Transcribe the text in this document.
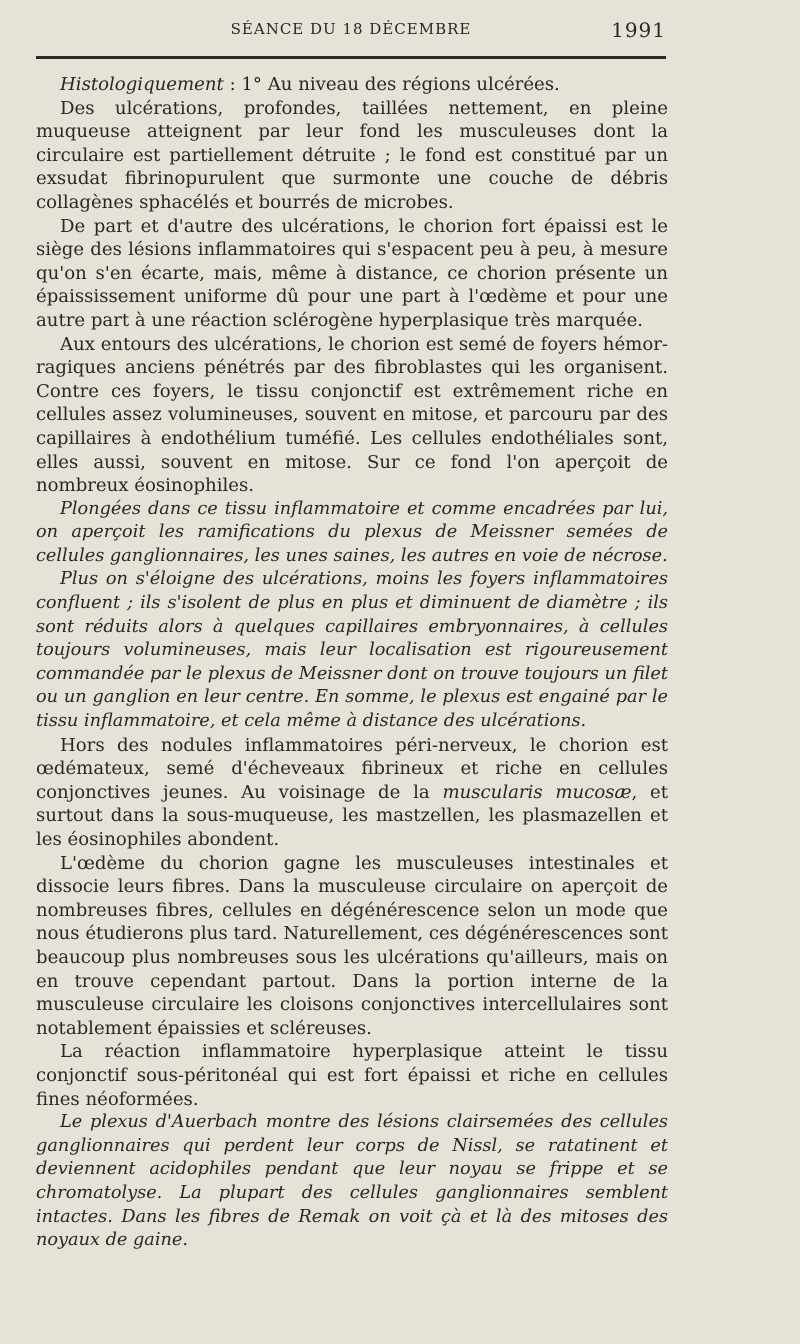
SÉANCE DU 18 DÉCEMBRE	1991

Histologiquement : 1° Au niveau des régions ulcérées.

Des ulcérations, profondes, taillées nettement, en pleine muqueuse atteignent par leur fond les musculeuses dont la circulaire est partiellement détruite ; le fond est constitué par un exsudat fibrinopurulent que surmonte une couche de débris collagènes sphacélés et bourrés de microbes.

De part et d'autre des ulcérations, le chorion fort épaissi est le siège des lésions inflammatoires qui s'espacent peu à peu, à mesure qu'on s'en écarte, mais, même à distance, ce chorion présente un épaississement uniforme dû pour une part à l'œdème et pour une autre part à une réaction sclérogène hyperplasique très marquée.

Aux entours des ulcérations, le chorion est semé de foyers hémorragiques anciens pénétrés par des fibroblastes qui les organisent. Contre ces foyers, le tissu conjonctif est extrêmement riche en cellules assez volumineuses, souvent en mitose, et parcouru par des capillaires à endothélium tuméfié. Les cellules endothéliales sont, elles aussi, souvent en mitose. Sur ce fond l'on aperçoit de nombreux éosinophiles.

Plongées dans ce tissu inflammatoire et comme encadrées par lui, on aperçoit les ramifications du plexus de Meissner semées de cellules ganglionnaires, les unes saines, les autres en voie de nécrose.

Plus on s'éloigne des ulcérations, moins les foyers inflammatoires confluent ; ils s'isolent de plus en plus et diminuent de diamètre ; ils sont réduits alors à quelques capillaires embryonnaires, à cellules toujours volumineuses, mais leur localisation est rigoureusement commandée par le plexus de Meissner dont on trouve toujours un filet ou un ganglion en leur centre. En somme, le plexus est engainé par le tissu inflammatoire, et cela même à distance des ulcérations.

Hors des nodules inflammatoires péri-nerveux, le chorion est œdémateux, semé d'écheveaux fibrineux et riche en cellules conjonctives jeunes. Au voisinage de la muscularis mucosæ, et surtout dans la sous-muqueuse, les mastzellen, les plasmazellen et les éosinophiles abondent.

L'œdème du chorion gagne les musculeuses intestinales et dissocie leurs fibres. Dans la musculeuse circulaire on aperçoit de nombreuses fibres, cellules en dégénérescence selon un mode que nous étudierons plus tard. Naturellement, ces dégénérescences sont beaucoup plus nombreuses sous les ulcérations qu'ailleurs, mais on en trouve cependant partout. Dans la portion interne de la musculeuse circulaire les cloisons conjonctives intercellulaires sont notablement épaissies et scléreuses.

La réaction inflammatoire hyperplasique atteint le tissu conjonctif sous-péritonéal qui est fort épaissi et riche en cellules fines néoformées.

Le plexus d'Auerbach montre des lésions clairsemées des cellules ganglionnaires qui perdent leur corps de Nissl, se ratatinent et deviennent acidophiles pendant que leur noyau se frippe et se chromatolyse. La plupart des cellules ganglionnaires semblent intactes. Dans les fibres de Remak on voit çà et là des mitoses des noyaux de gaine.
